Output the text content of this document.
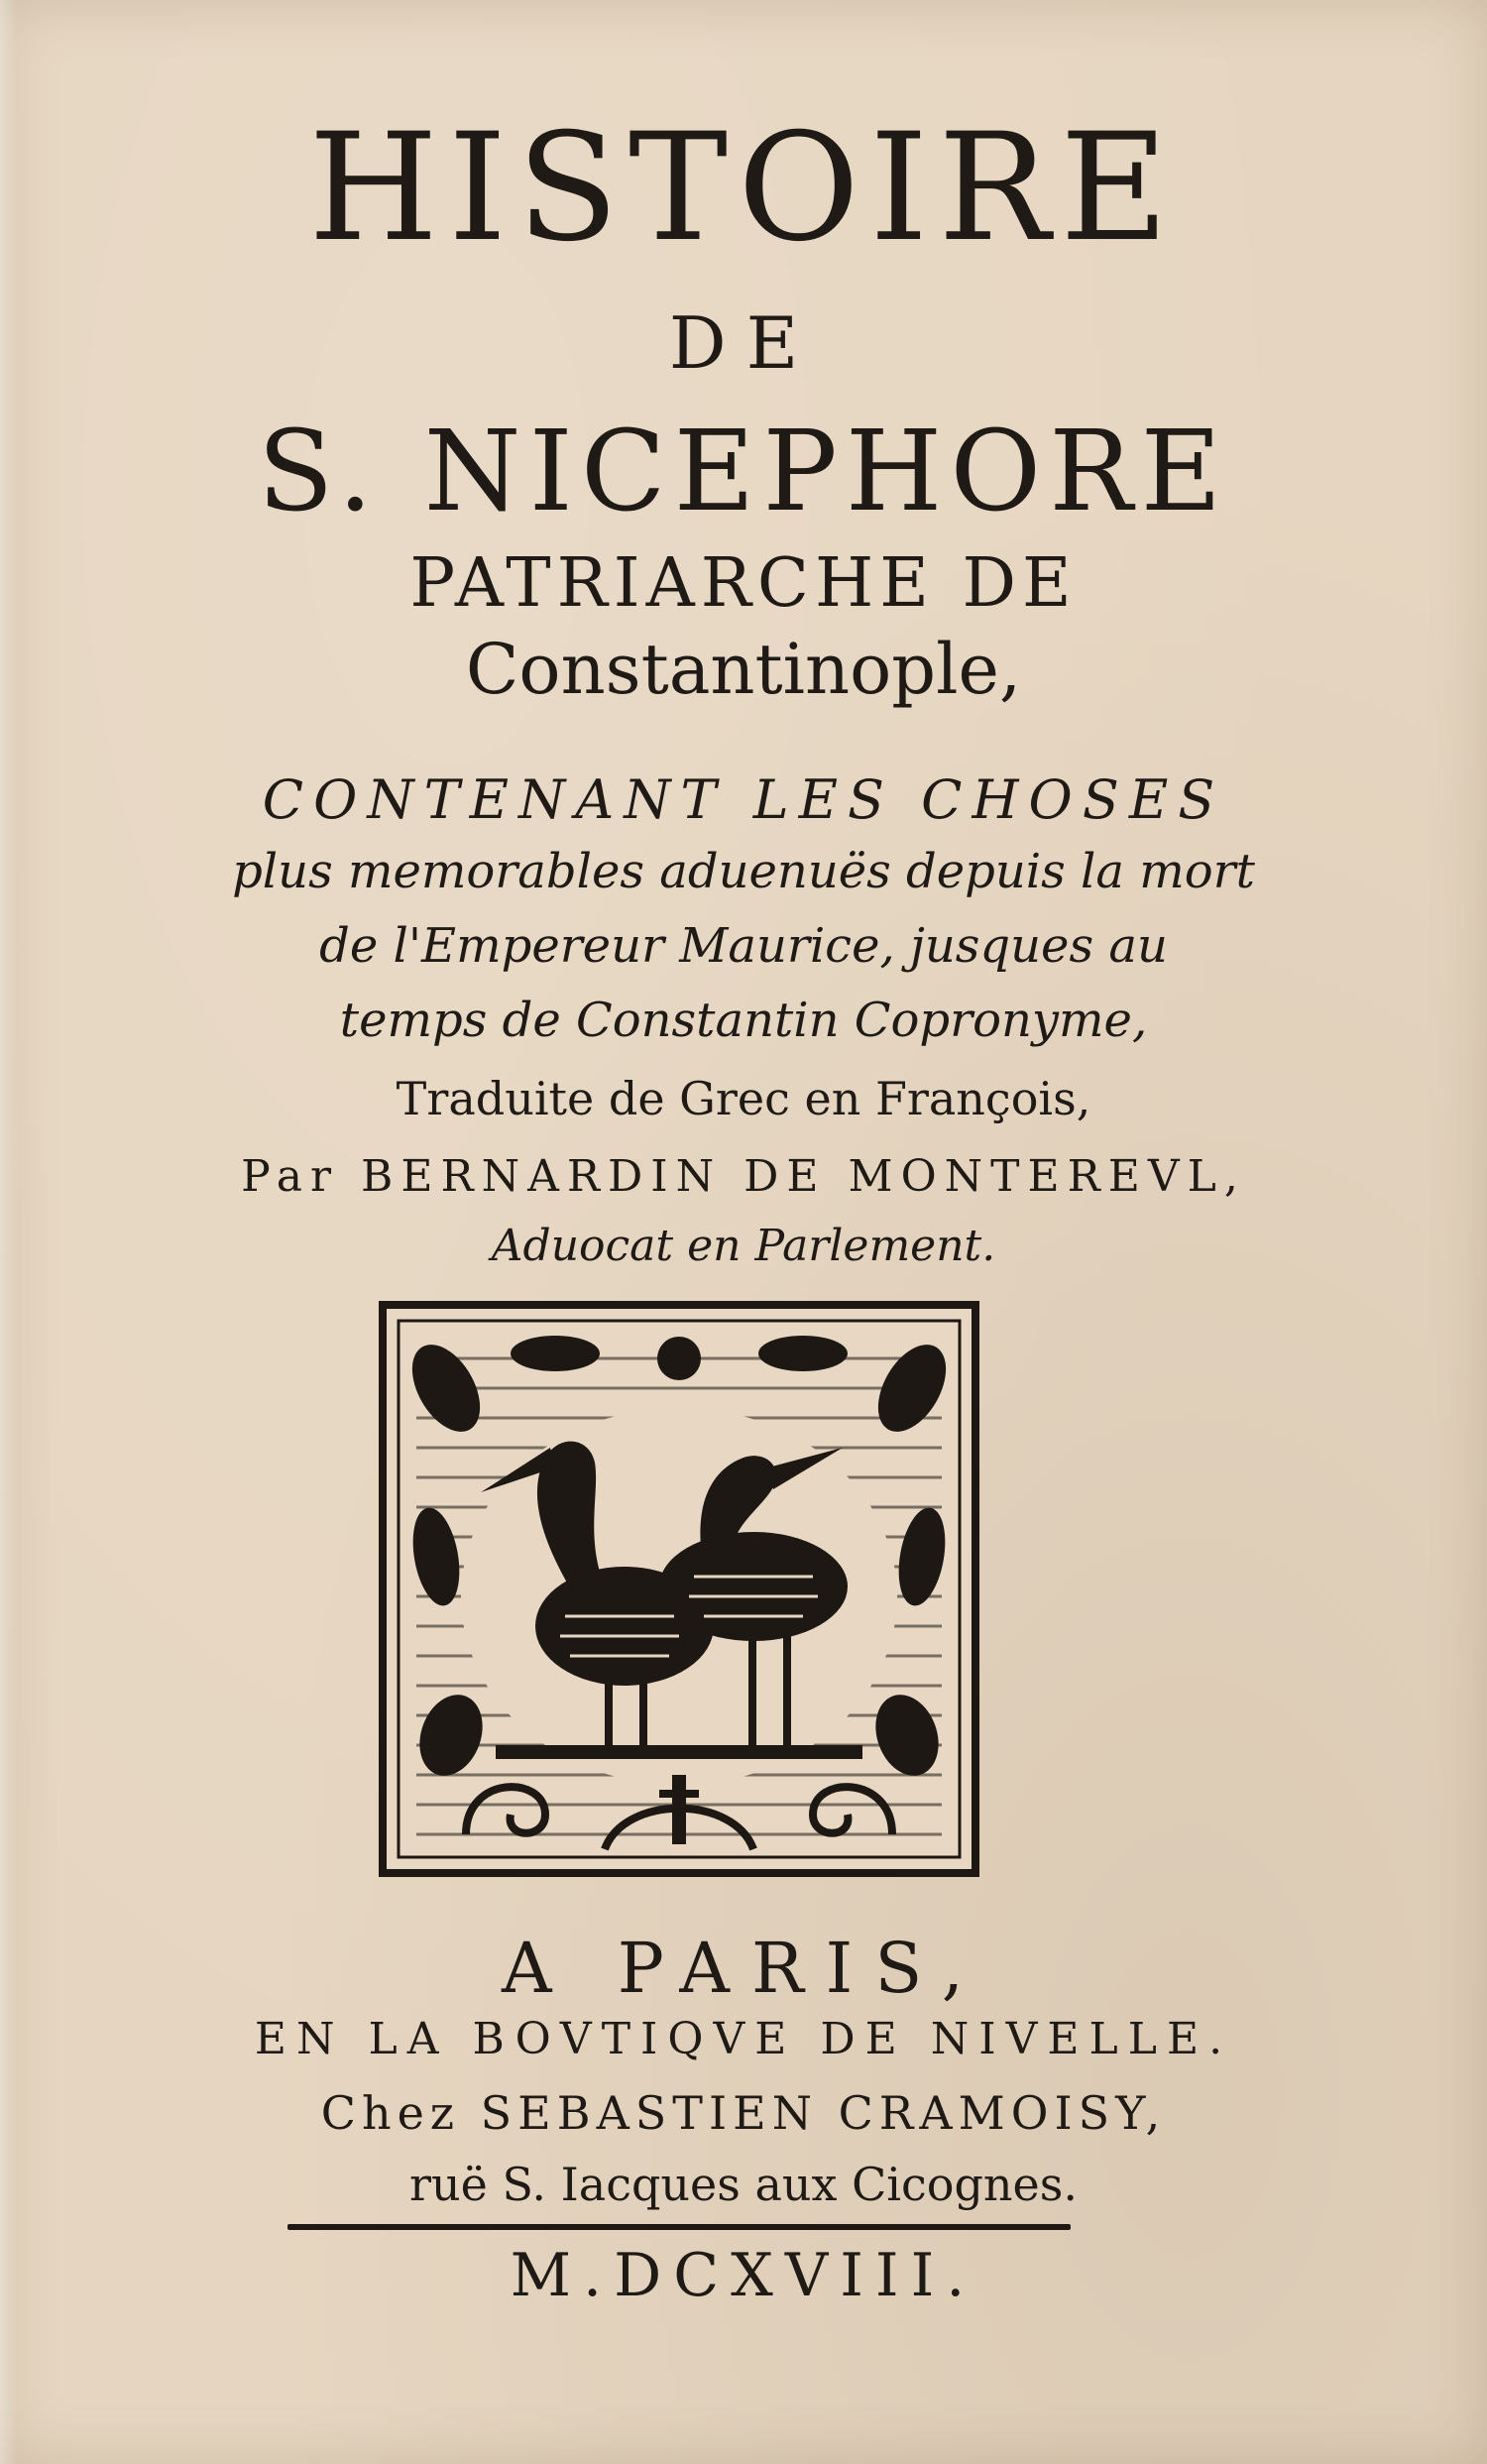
HISTOIRE
DE
S. NICEPHORE
PATRIARCHE DE
Constantinople,
CONTENANT LES CHOSES
plus memorables aduenuës depuis la mort
de l'Empereur Maurice, jusques au
temps de Constantin Copronyme,
Traduite de Grec en François,
Par BERNARDIN DE MONTEREVL,
Aduocat en Parlement.
A PARIS,
EN LA BOVTIQVE DE NIVELLE.
Chez SEBASTIEN CRAMOISY,
ruë S. Iacques aux Cicognes.
M.DCXVIII.
